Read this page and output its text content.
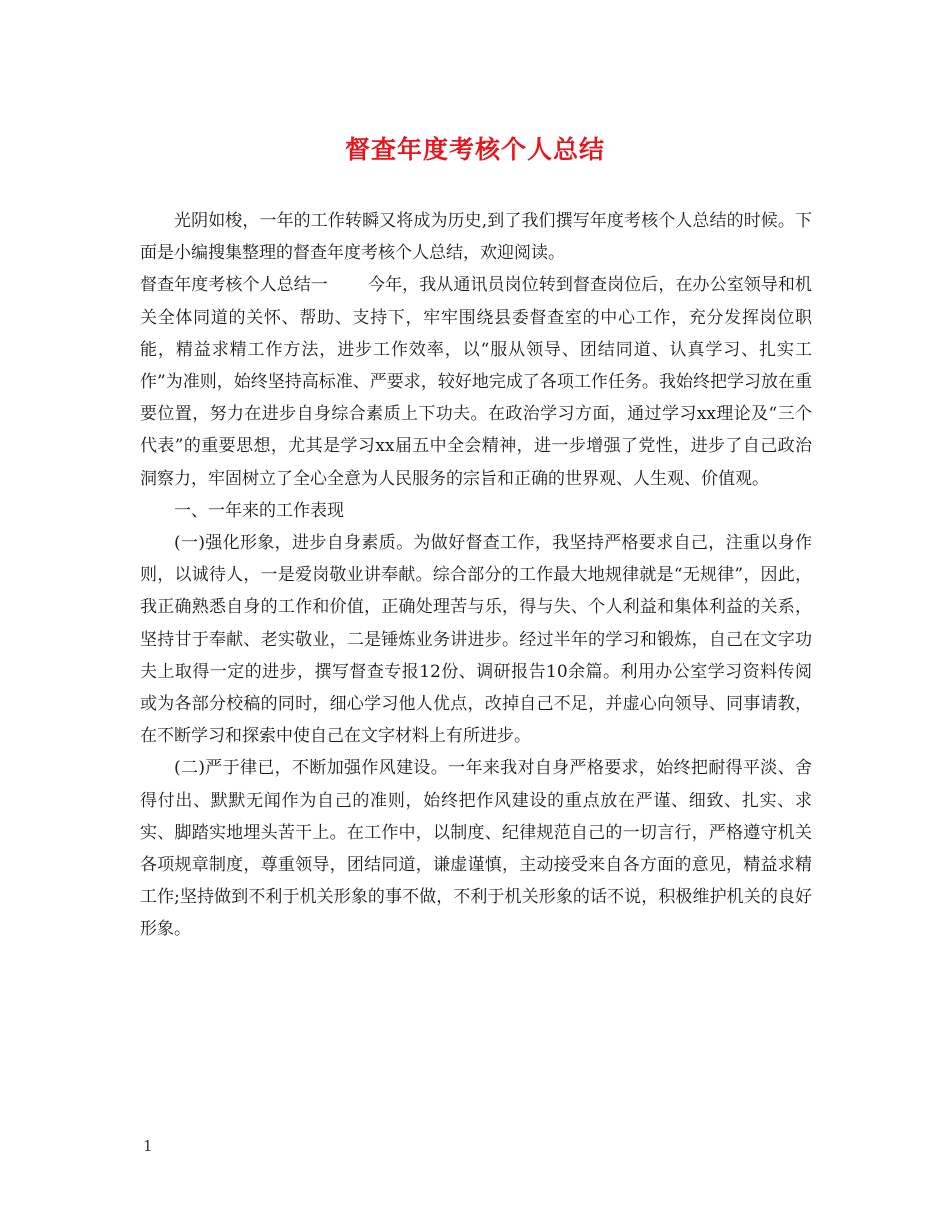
督查年度考核个人总结

光阴如梭，一年的工作转瞬又将成为历史,到了我们撰写年度考核个人总结的时候。下面是小编搜集整理的督查年度考核个人总结，欢迎阅读。

督查年度考核个人总结一 今年，我从通讯员岗位转到督查岗位后，在办公室领导和机关全体同道的关怀、帮助、支持下，牢牢围绕县委督查室的中心工作，充分发挥岗位职能，精益求精工作方法，进步工作效率，以“服从领导、团结同道、认真学习、扎实工作”为准则，始终坚持高标准、严要求，较好地完成了各项工作任务。我始终把学习放在重要位置，努力在进步自身综合素质上下功夫。在政治学习方面，通过学习xx理论及“三个代表”的重要思想，尤其是学习xx届五中全会精神，进一步增强了党性，进步了自己政治洞察力，牢固树立了全心全意为人民服务的宗旨和正确的世界观、人生观、价值观。

一、一年来的工作表现

(一)强化形象，进步自身素质。为做好督查工作，我坚持严格要求自己，注重以身作则，以诚待人，一是爱岗敬业讲奉献。综合部分的工作最大地规律就是“无规律”，因此，我正确熟悉自身的工作和价值，正确处理苦与乐，得与失、个人利益和集体利益的关系，坚持甘于奉献、老实敬业，二是锤炼业务讲进步。经过半年的学习和锻炼，自己在文字功夫上取得一定的进步，撰写督查专报12份、调研报告10余篇。利用办公室学习资料传阅或为各部分校稿的同时，细心学习他人优点，改掉自己不足，并虚心向领导、同事请教，在不断学习和探索中使自己在文字材料上有所进步。

(二)严于律已，不断加强作风建设。一年来我对自身严格要求，始终把耐得平淡、舍得付出、默默无闻作为自己的准则，始终把作风建设的重点放在严谨、细致、扎实、求实、脚踏实地埋头苦干上。在工作中，以制度、纪律规范自己的一切言行，严格遵守机关各项规章制度，尊重领导，团结同道，谦虚谨慎，主动接受来自各方面的意见，精益求精工作;坚持做到不利于机关形象的事不做，不利于机关形象的话不说，积极维护机关的良好形象。

1
